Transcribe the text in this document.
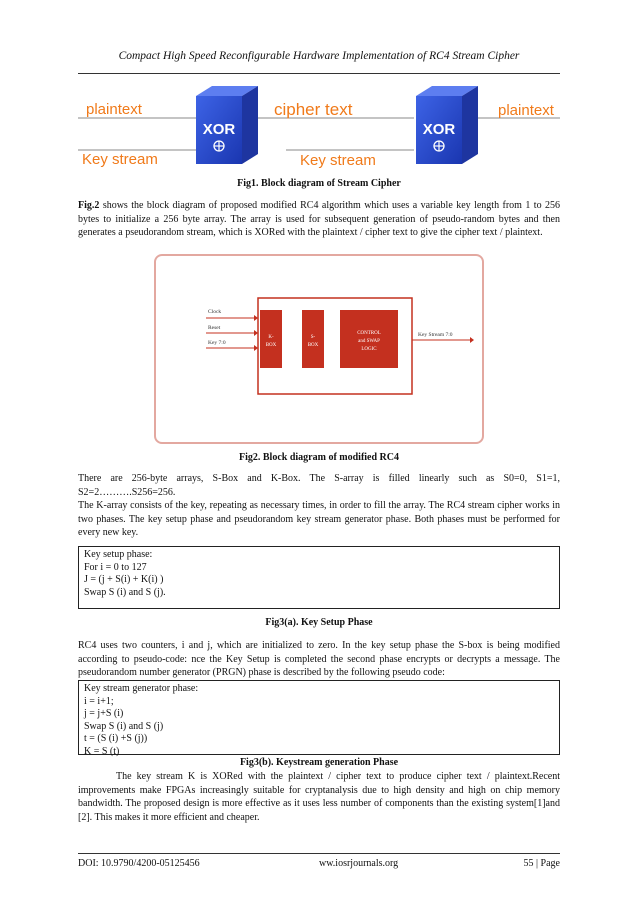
Compact High Speed Reconfigurable Hardware Implementation of RC4 Stream Cipher
XOR	XOR
plaintext
Key stream
cipher text
Key stream
plaintext
Fig1. Block diagram of Stream Cipher
Fig.2 shows the block diagram of proposed modified RC4 algorithm which uses a variable key length from 1 to 256 bytes to initialize a 256 byte array. The array is used for subsequent generation of pseudo-random bytes and then generates a pseudorandom stream, which is XORed with the plaintext / cipher text to give the cipher text / plaintext.
Clock
Reset
Key 7:0
K-
BOX
S-
BOX
CONTROL
and SWAP
LOGIC
Key Stream 7:0
Fig2. Block diagram of modified RC4
There are 256-byte arrays, S-Box and K-Box. The S-array is filled linearly such as S0=0, S1=1, S2=2……….S256=256.
The K-array consists of the key, repeating as necessary times, in order to fill the array. The RC4 stream cipher works in two phases. The key setup phase and pseudorandom key stream generator phase. Both phases must be performed for every new key.
Key setup phase:
For i = 0 to 127
J = (j + S(i) + K(i) )
Swap S (i) and S (j).
Fig3(a). Key Setup Phase
RC4 uses two counters, i and j, which are initialized to zero. In the key setup phase the S-box is being modified according to pseudo-code: nce the Key Setup is completed the second phase encrypts or decrypts a message. The pseudorandom number generator (PRGN) phase is described by the following pseudo code:
Key stream generator phase:
i = i+1;
j = j+S (i)
Swap S (i) and S (j)
t = (S (i) +S (j))
K = S (t)
Fig3(b). Keystream generation Phase
The key stream K is XORed with the plaintext / cipher text to produce cipher text / plaintext.Recent improvements make FPGAs increasingly suitable for cryptanalysis due to high density and high on chip memory bandwidth. The proposed design is more effective as it uses less number of components than the existing system[1]and [2]. This makes it more efficient and cheaper.
DOI: 10.9790/4200-05125456	ww.iosrjournals.org	55 | Page
